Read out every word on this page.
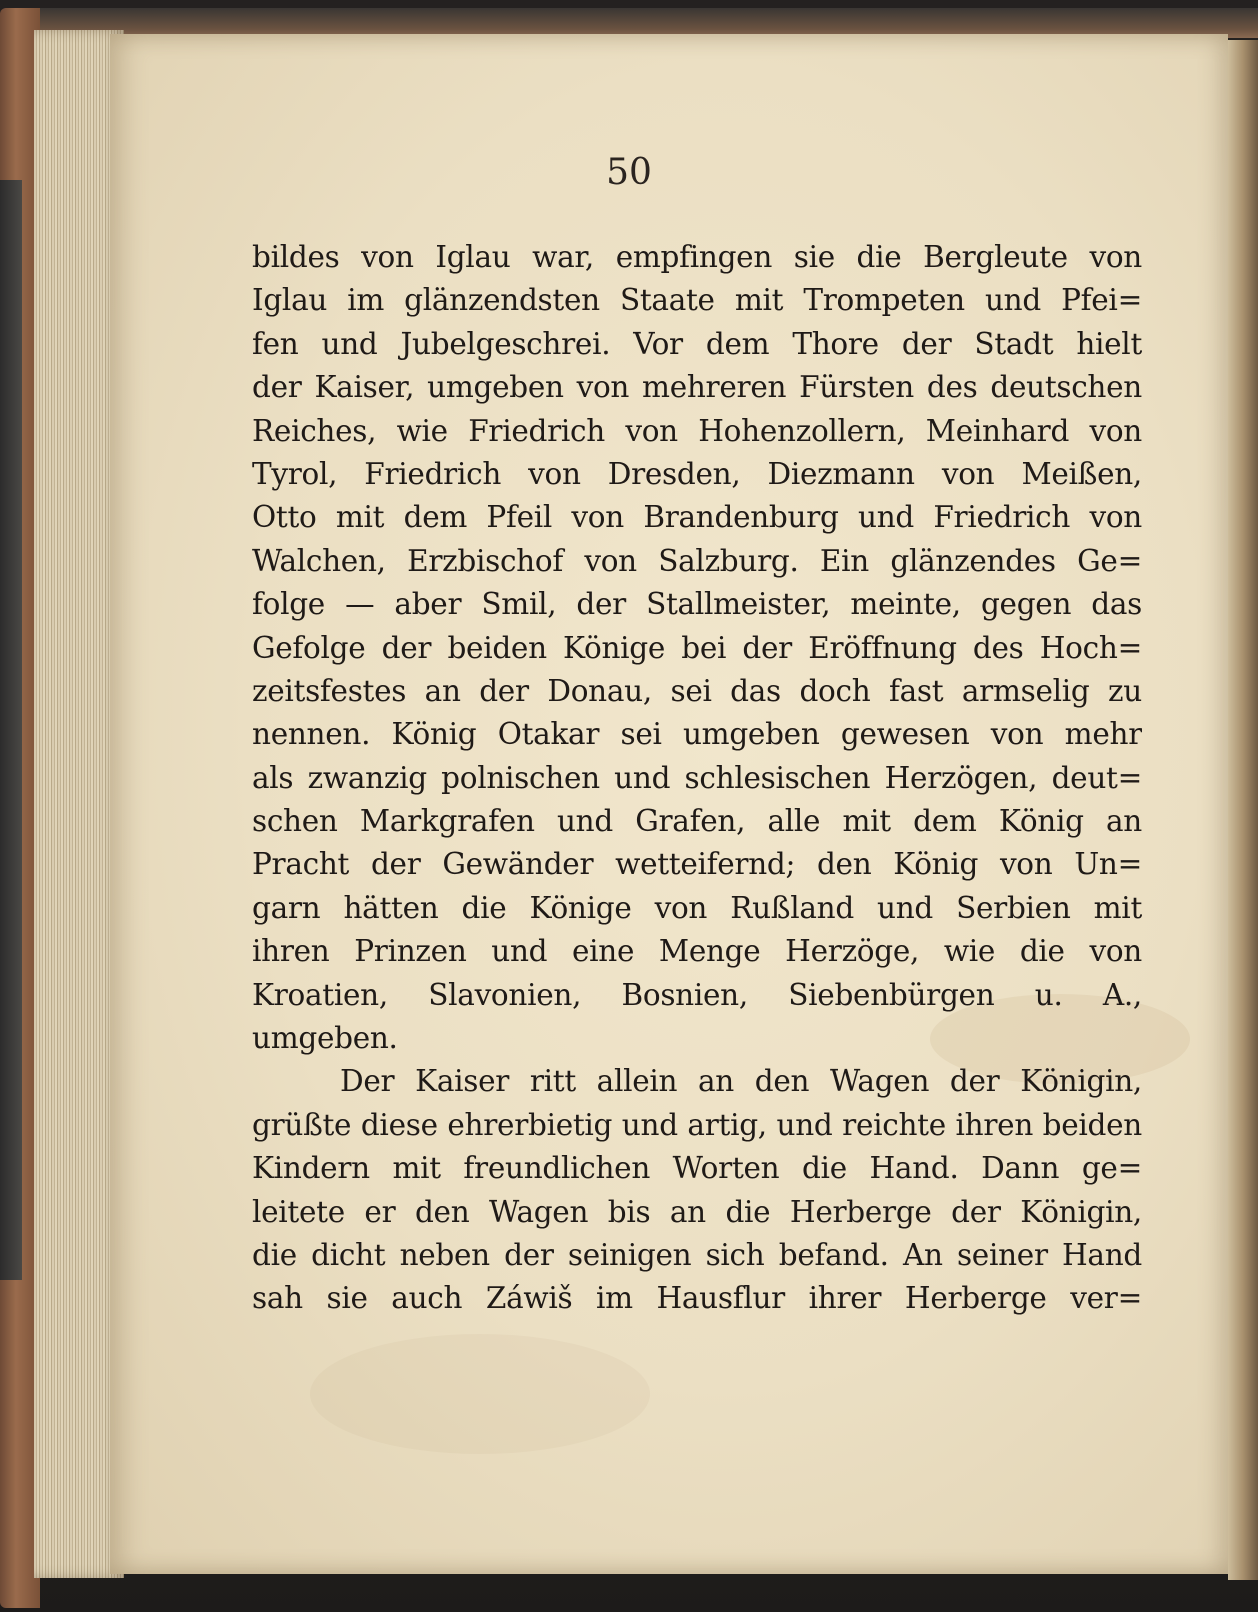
50
bildes von Iglau war, empfingen sie die Bergleute von
Iglau im glänzendsten Staate mit Trompeten und Pfei=
fen und Jubelgeschrei. Vor dem Thore der Stadt hielt
der Kaiser, umgeben von mehreren Fürsten des deutschen
Reiches, wie Friedrich von Hohenzollern, Meinhard von
Tyrol, Friedrich von Dresden, Diezmann von Meißen,
Otto mit dem Pfeil von Brandenburg und Friedrich von
Walchen, Erzbischof von Salzburg. Ein glänzendes Ge=
folge — aber Smil, der Stallmeister, meinte, gegen das
Gefolge der beiden Könige bei der Eröffnung des Hoch=
zeitsfestes an der Donau, sei das doch fast armselig zu
nennen. König Otakar sei umgeben gewesen von mehr
als zwanzig polnischen und schlesischen Herzögen, deut=
schen Markgrafen und Grafen, alle mit dem König an
Pracht der Gewänder wetteifernd; den König von Un=
garn hätten die Könige von Rußland und Serbien mit
ihren Prinzen und eine Menge Herzöge, wie die von
Kroatien, Slavonien, Bosnien, Siebenbürgen u. A.,
umgeben.
Der Kaiser ritt allein an den Wagen der Königin,
grüßte diese ehrerbietig und artig, und reichte ihren beiden
Kindern mit freundlichen Worten die Hand. Dann ge=
leitete er den Wagen bis an die Herberge der Königin,
die dicht neben der seinigen sich befand. An seiner Hand
sah sie auch Záwiš im Hausflur ihrer Herberge ver=
